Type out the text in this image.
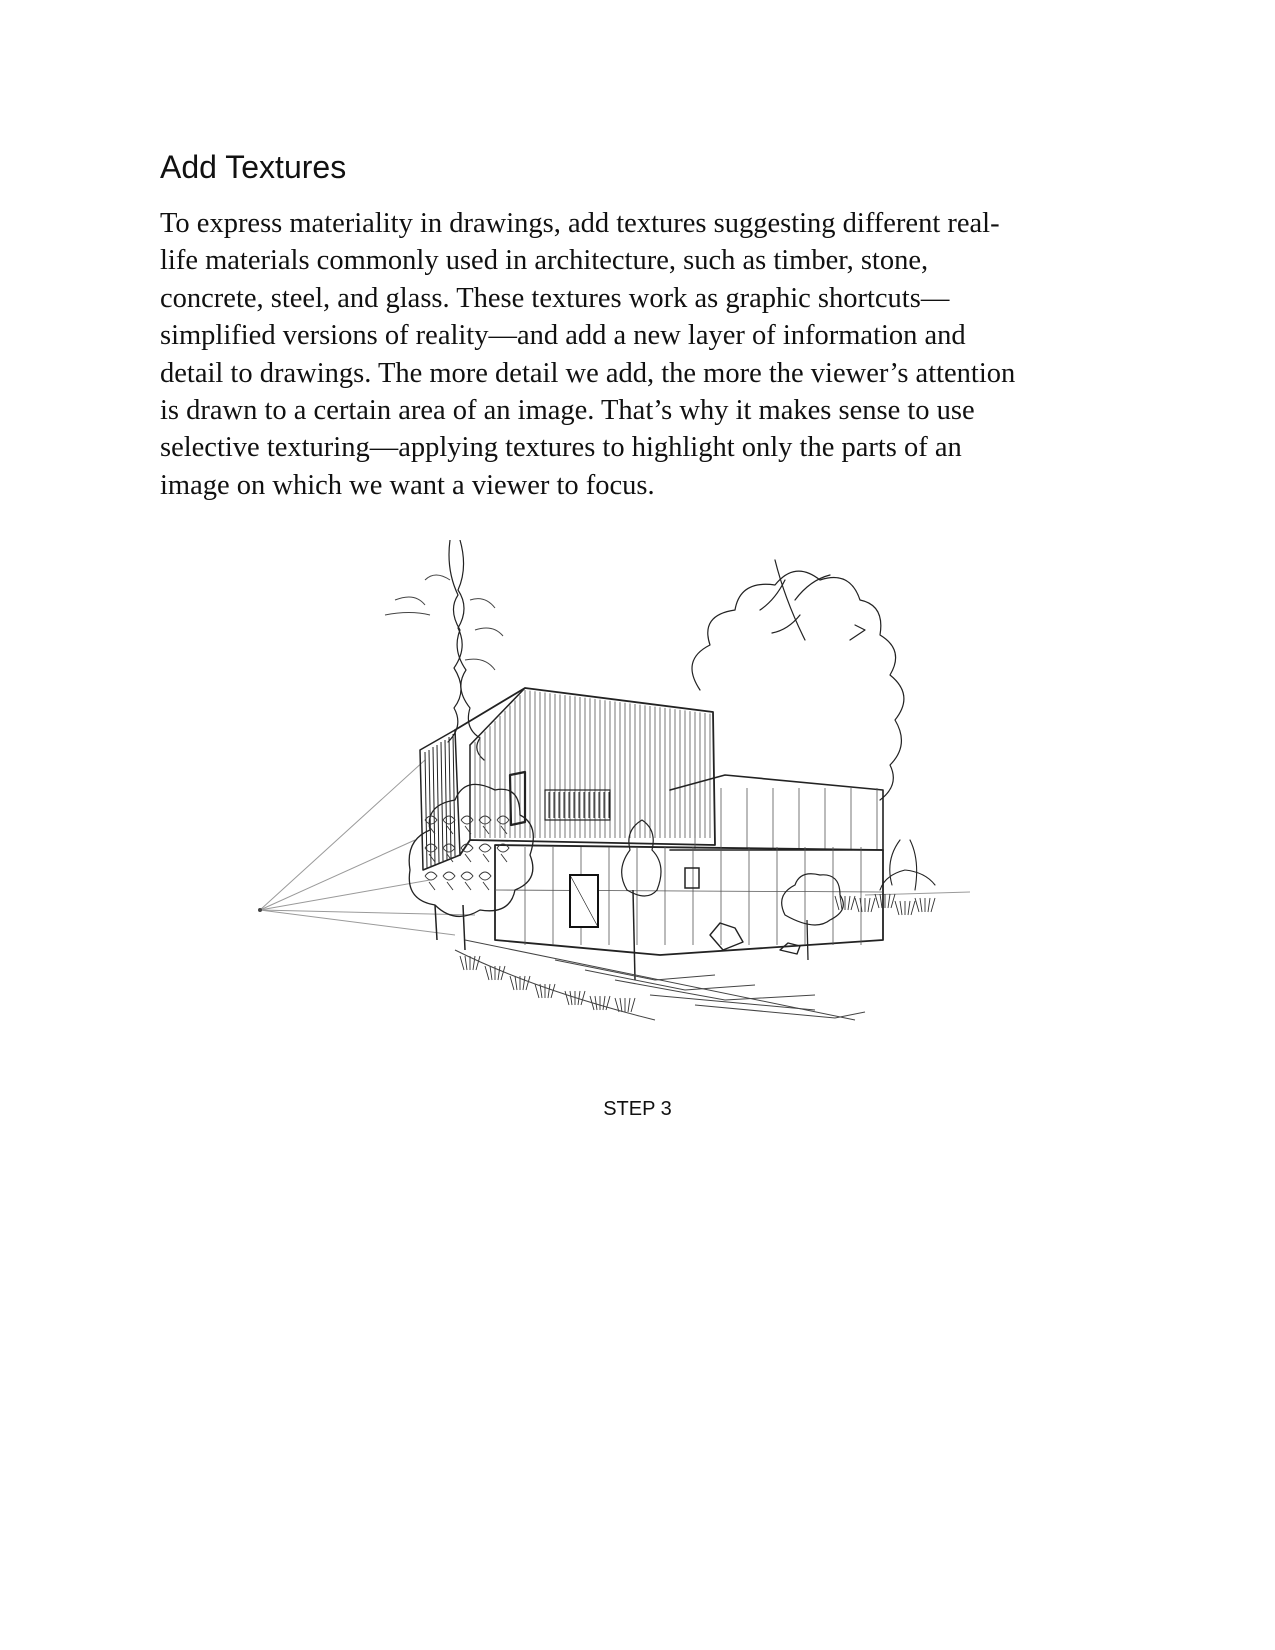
Add Textures

To express materiality in drawings, add textures suggesting different real-
life materials commonly used in architecture, such as timber, stone,
concrete, steel, and glass. These textures work as graphic shortcuts—
simplified versions of reality—and add a new layer of information and
detail to drawings. The more detail we add, the more the viewer’s attention
is drawn to a certain area of an image. That’s why it makes sense to use
selective texturing—applying textures to highlight only the parts of an
image on which we want a viewer to focus.

STEP 3
